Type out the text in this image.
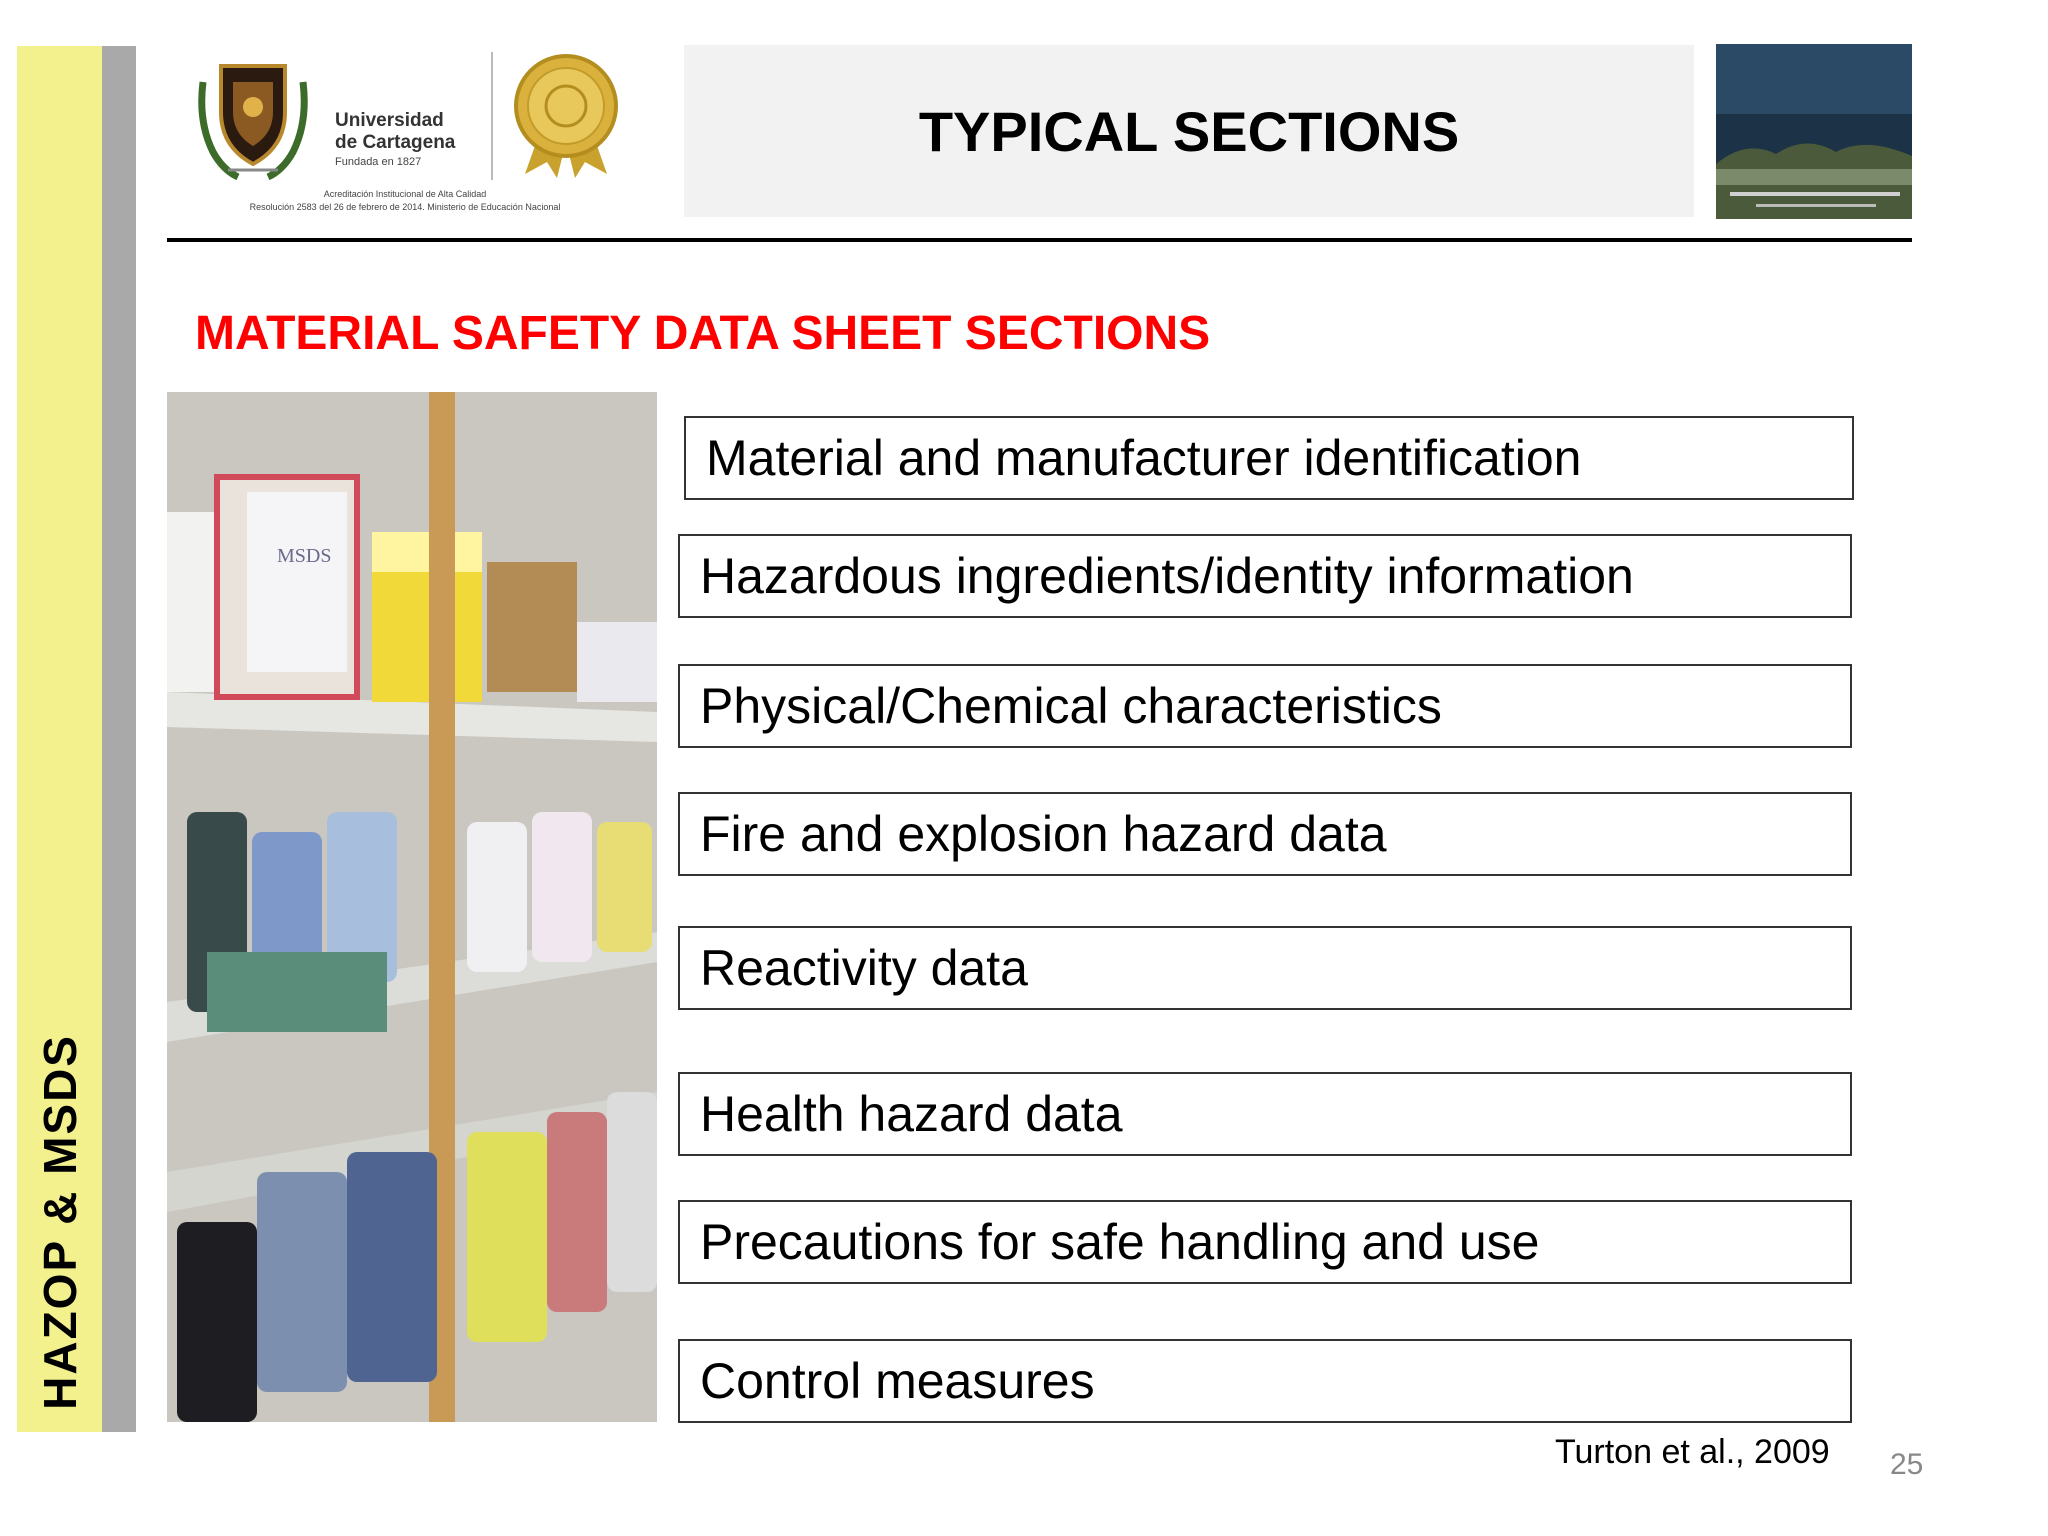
HAZOP & MSDS
Universidad
de Cartagena
Fundada en 1827
Acreditación Institucional de Alta Calidad
Resolución 2583 del 26 de febrero de 2014. Ministerio de Educación Nacional
TYPICAL SECTIONS
MATERIAL SAFETY DATA SHEET SECTIONS
MSDS
Material and manufacturer identification
Hazardous ingredients/identity information
Physical/Chemical characteristics
Fire and explosion hazard data
Reactivity data
Health hazard data
Precautions for safe handling and use
Control measures
Turton et al., 2009 25
